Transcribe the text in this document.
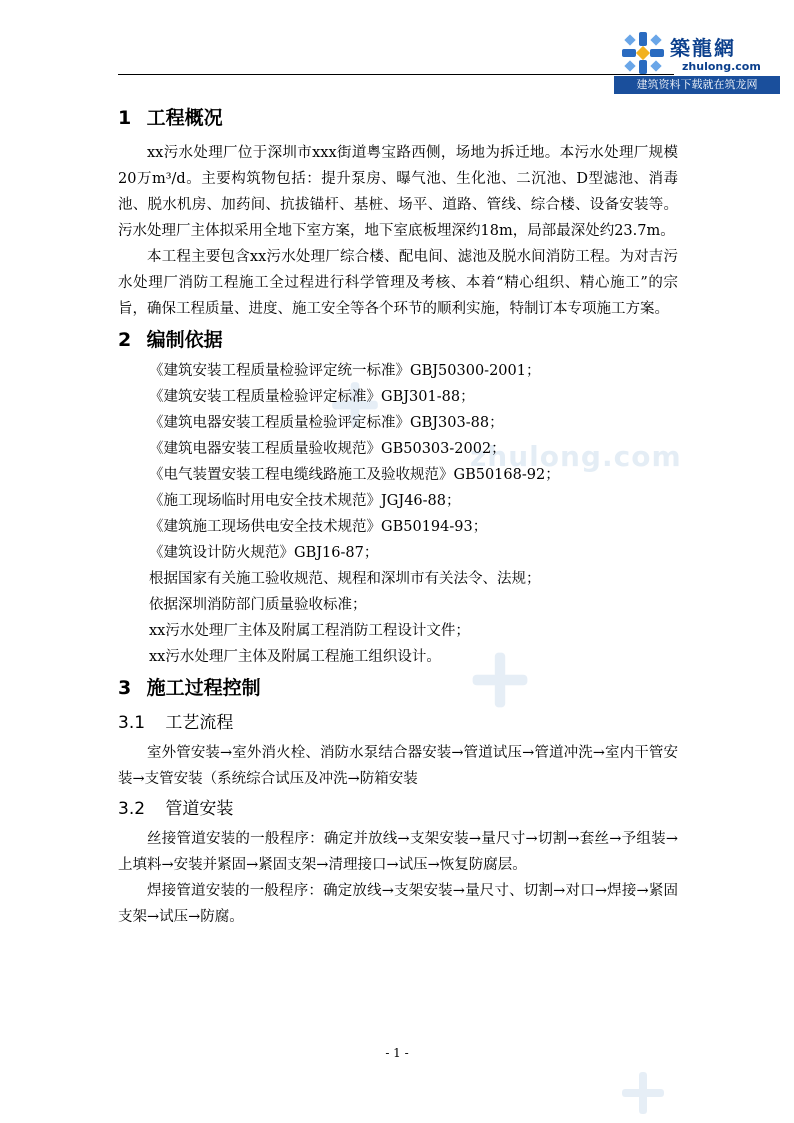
築龍網
zhulong.com
建筑资料下载就在筑龙网
zhulong.com
1 工程概况

xx污水处理厂位于深圳市xxx街道粤宝路西侧，场地为拆迁地。本污水处理厂规模20万m³/d。主要构筑物包括：提升泵房、曝气池、生化池、二沉池、D型滤池、消毒池、脱水机房、加药间、抗拔锚杆、基桩、场平、道路、管线、综合楼、设备安装等。污水处理厂主体拟采用全地下室方案，地下室底板埋深约18m，局部最深处约23.7m。

本工程主要包含xx污水处理厂综合楼、配电间、滤池及脱水间消防工程。为对吉污水处理厂消防工程施工全过程进行科学管理及考核、本着“精心组织、精心施工”的宗旨，确保工程质量、进度、施工安全等各个环节的顺利实施，特制订本专项施工方案。

2 编制依据

《建筑安装工程质量检验评定统一标准》GBJ50300-2001；

《建筑安装工程质量检验评定标准》GBJ301-88；

《建筑电器安装工程质量检验评定标准》GBJ303-88；

《建筑电器安装工程质量验收规范》GB50303-2002；

《电气装置安装工程电缆线路施工及验收规范》GB50168-92；

《施工现场临时用电安全技术规范》JGJ46-88；

《建筑施工现场供电安全技术规范》GB50194-93；

《建筑设计防火规范》GBJ16-87；

根据国家有关施工验收规范、规程和深圳市有关法令、法规；

依据深圳消防部门质量验收标准；

xx污水处理厂主体及附属工程消防工程设计文件；

xx污水处理厂主体及附属工程施工组织设计。

3 施工过程控制
3.1 工艺流程

室外管安装→室外消火栓、消防水泵结合器安装→管道试压→管道冲洗→室内干管安装→支管安装（系统综合试压及冲洗→防箱安装

3.2 管道安装

丝接管道安装的一般程序：确定并放线→支架安装→量尺寸→切割→套丝→予组装→上填料→安装并紧固→紧固支架→清理接口→试压→恢复防腐层。

焊接管道安装的一般程序：确定放线→支架安装→量尺寸、切割→对口→焊接→紧固支架→试压→防腐。

- 1 -
